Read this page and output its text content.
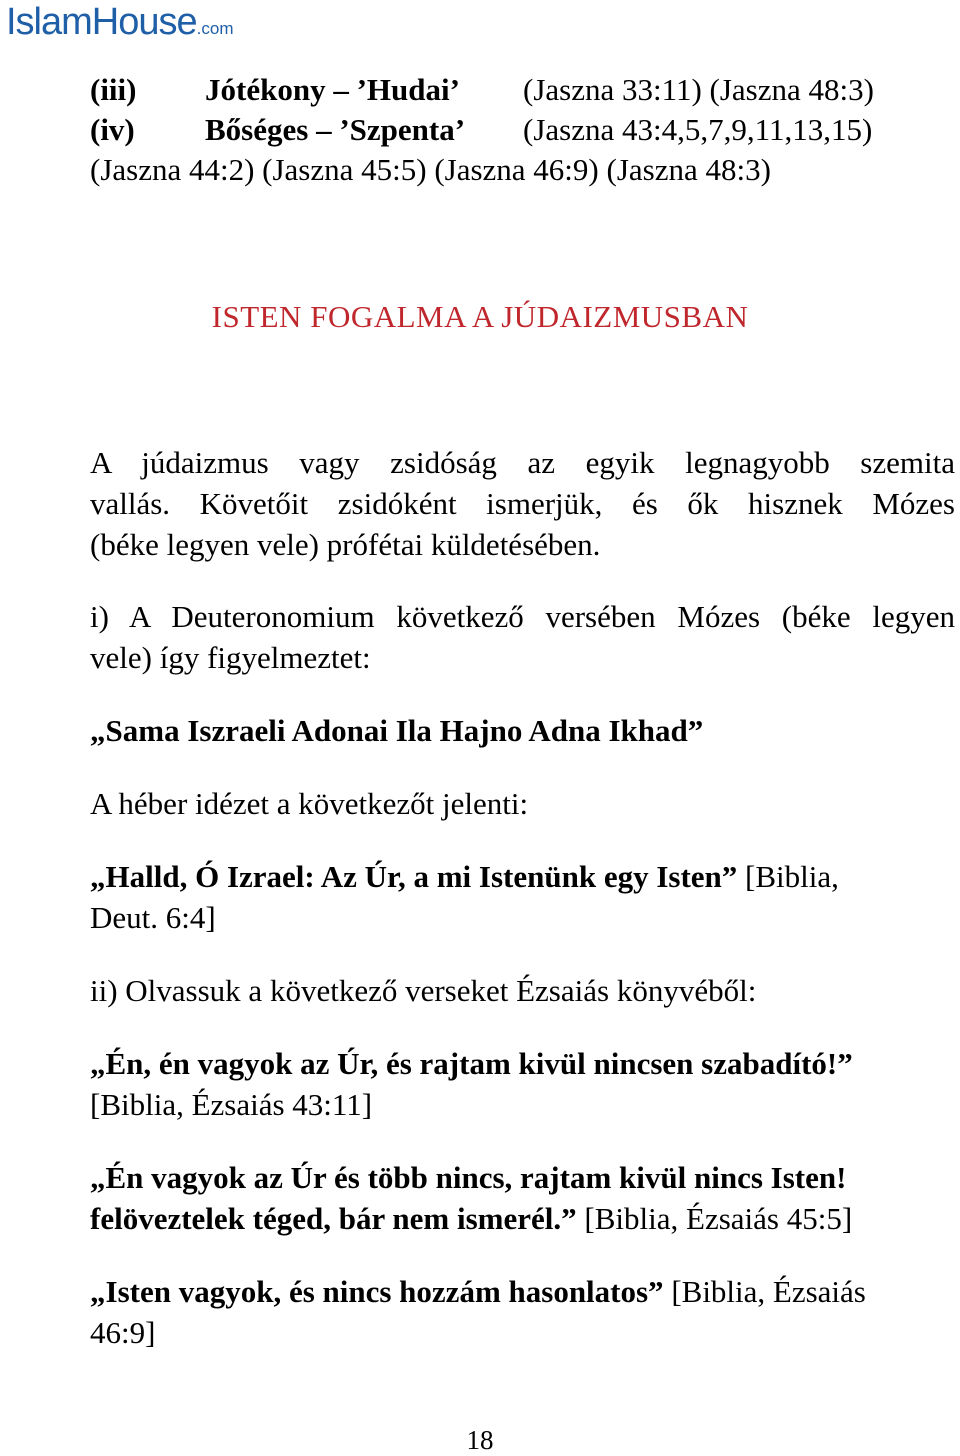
IslamHouse.com
(iii) Jótékony – ’Hudai’ (Jaszna 33:11) (Jaszna 48:3)
(iv) Bőséges – ’Szpenta’ (Jaszna 43:4,5,7,9,11,13,15)
(Jaszna 44:2) (Jaszna 45:5) (Jaszna 46:9) (Jaszna 48:3)
ISTEN FOGALMA A JÚDAIZMUSBAN
A júdaizmus vagy zsidóság az egyik legnagyobb szemita
vallás. Követőit zsidóként ismerjük, és ők hisznek Mózes
(béke legyen vele) prófétai küldetésében.
i) A Deuteronomium következő versében Mózes (béke legyen
vele) így figyelmeztet:
„Sama Iszraeli Adonai Ila Hajno Adna Ikhad”
A héber idézet a következőt jelenti:
„Halld, Ó Izrael: Az Úr, a mi Istenünk egy Isten” [Biblia,
Deut. 6:4]
ii) Olvassuk a következő verseket Ézsaiás könyvéből:
„Én, én vagyok az Úr, és rajtam kivül nincsen szabadító!”
[Biblia, Ézsaiás 43:11]
„Én vagyok az Úr és több nincs, rajtam kivül nincs Isten!
felöveztelek téged, bár nem ismerél.” [Biblia, Ézsaiás 45:5]
„Isten vagyok, és nincs hozzám hasonlatos” [Biblia, Ézsaiás
46:9]
18
